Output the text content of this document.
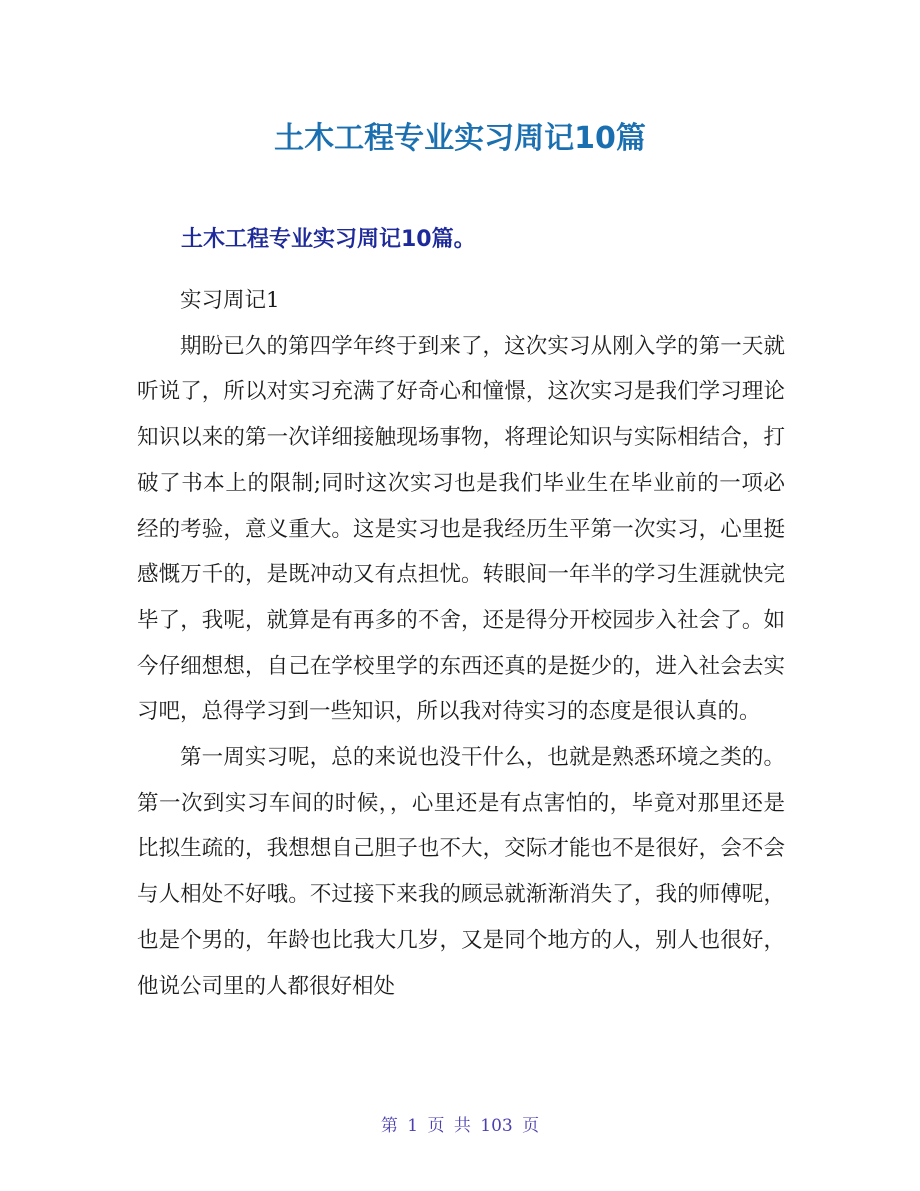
土木工程专业实习周记10篇
土木工程专业实习周记10篇。

实习周记1

期盼已久的第四学年终于到来了，这次实习从刚入学的第一天就听说了，所以对实习充满了好奇心和憧憬，这次实习是我们学习理论知识以来的第一次详细接触现场事物，将理论知识与实际相结合，打破了书本上的限制;同时这次实习也是我们毕业生在毕业前的一项必经的考验，意义重大。这是实习也是我经历生平第一次实习，心里挺感慨万千的，是既冲动又有点担忧。转眼间一年半的学习生涯就快完毕了，我呢，就算是有再多的不舍，还是得分开校园步入社会了。如今仔细想想，自己在学校里学的东西还真的是挺少的，进入社会去实习吧，总得学习到一些知识，所以我对待实习的态度是很认真的。

第一周实习呢，总的来说也没干什么，也就是熟悉环境之类的。第一次到实习车间的时候，，心里还是有点害怕的，毕竟对那里还是比拟生疏的，我想想自己胆子也不大，交际才能也不是很好，会不会与人相处不好哦。不过接下来我的顾忌就渐渐消失了，我的师傅呢，也是个男的，年龄也比我大几岁，又是同个地方的人，别人也很好，他说公司里的人都很好相处

第 1 页 共 103 页
